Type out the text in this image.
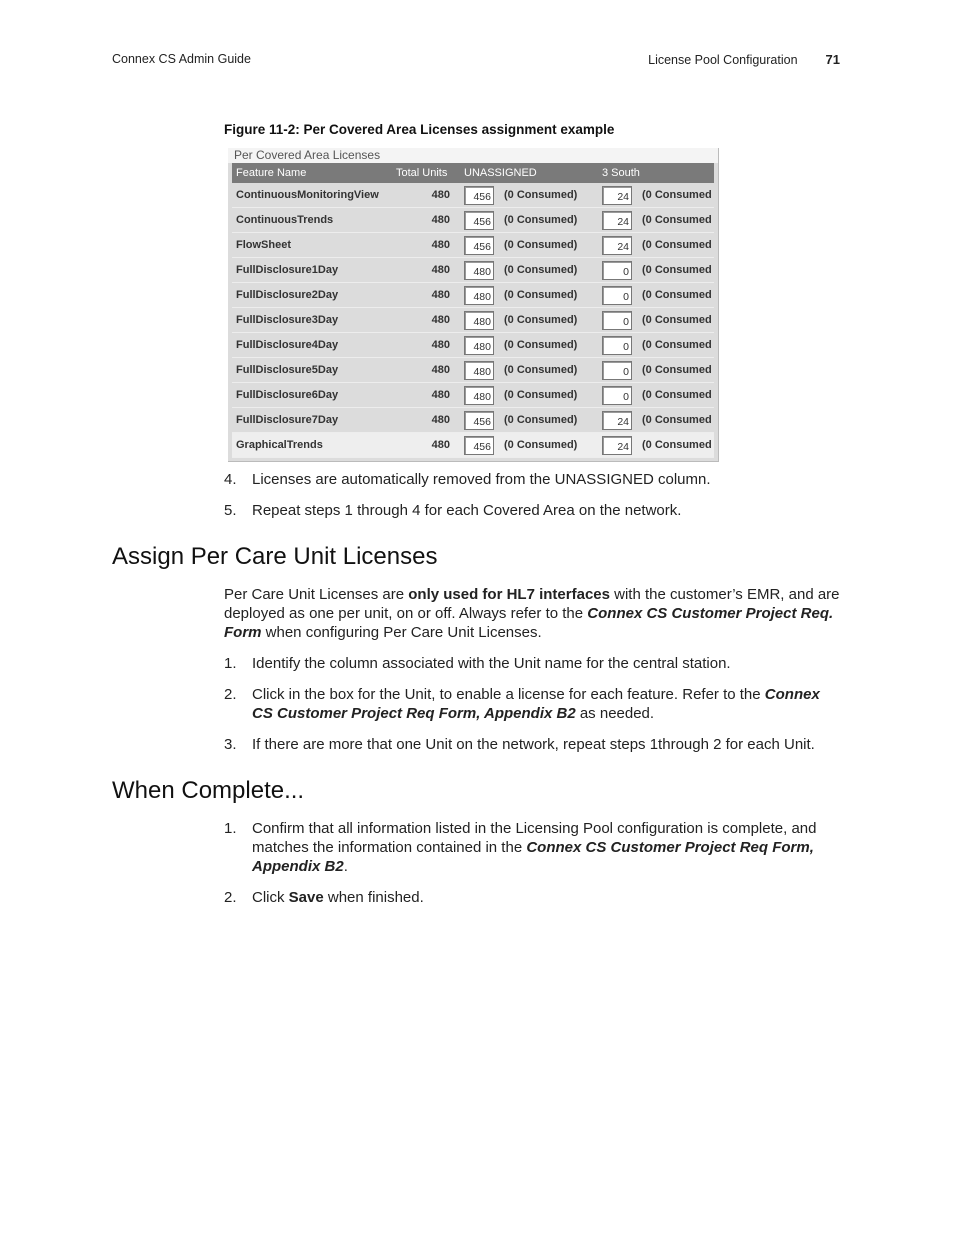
Connex CS Admin Guide	License Pool Configuration 71
Figure 11-2: Per Covered Area Licenses assignment example
Per Covered Area Licenses
Feature Name	Total Units	UNASSIGNED		3 South	
ContinuousMonitoringView	480	456	(0 Consumed)	24	(0 Consumed
ContinuousTrends	480	456	(0 Consumed)	24	(0 Consumed
FlowSheet	480	456	(0 Consumed)	24	(0 Consumed
FullDisclosure1Day	480	480	(0 Consumed)	0	(0 Consumed
FullDisclosure2Day	480	480	(0 Consumed)	0	(0 Consumed
FullDisclosure3Day	480	480	(0 Consumed)	0	(0 Consumed
FullDisclosure4Day	480	480	(0 Consumed)	0	(0 Consumed
FullDisclosure5Day	480	480	(0 Consumed)	0	(0 Consumed
FullDisclosure6Day	480	480	(0 Consumed)	0	(0 Consumed
FullDisclosure7Day	480	456	(0 Consumed)	24	(0 Consumed
GraphicalTrends	480	456	(0 Consumed)	24	(0 Consumed
4. Licenses are automatically removed from the UNASSIGNED column.
5. Repeat steps 1 through 4 for each Covered Area on the network.
Assign Per Care Unit Licenses

Per Care Unit Licenses are only used for HL7 interfaces with the customer’s EMR, and are deployed as one per unit, on or off. Always refer to the Connex CS Customer Project Req. Form when configuring Per Care Unit Licenses.

1. Identify the column associated with the Unit name for the central station.
2. Click in the box for the Unit, to enable a license for each feature. Refer to the Connex CS Customer Project Req Form, Appendix B2 as needed.
3. If there are more that one Unit on the network, repeat steps 1through 2 for each Unit.
When Complete...
1. Confirm that all information listed in the Licensing Pool configuration is complete, and matches the information contained in the Connex CS Customer Project Req Form, Appendix B2.
2. Click Save when finished.
